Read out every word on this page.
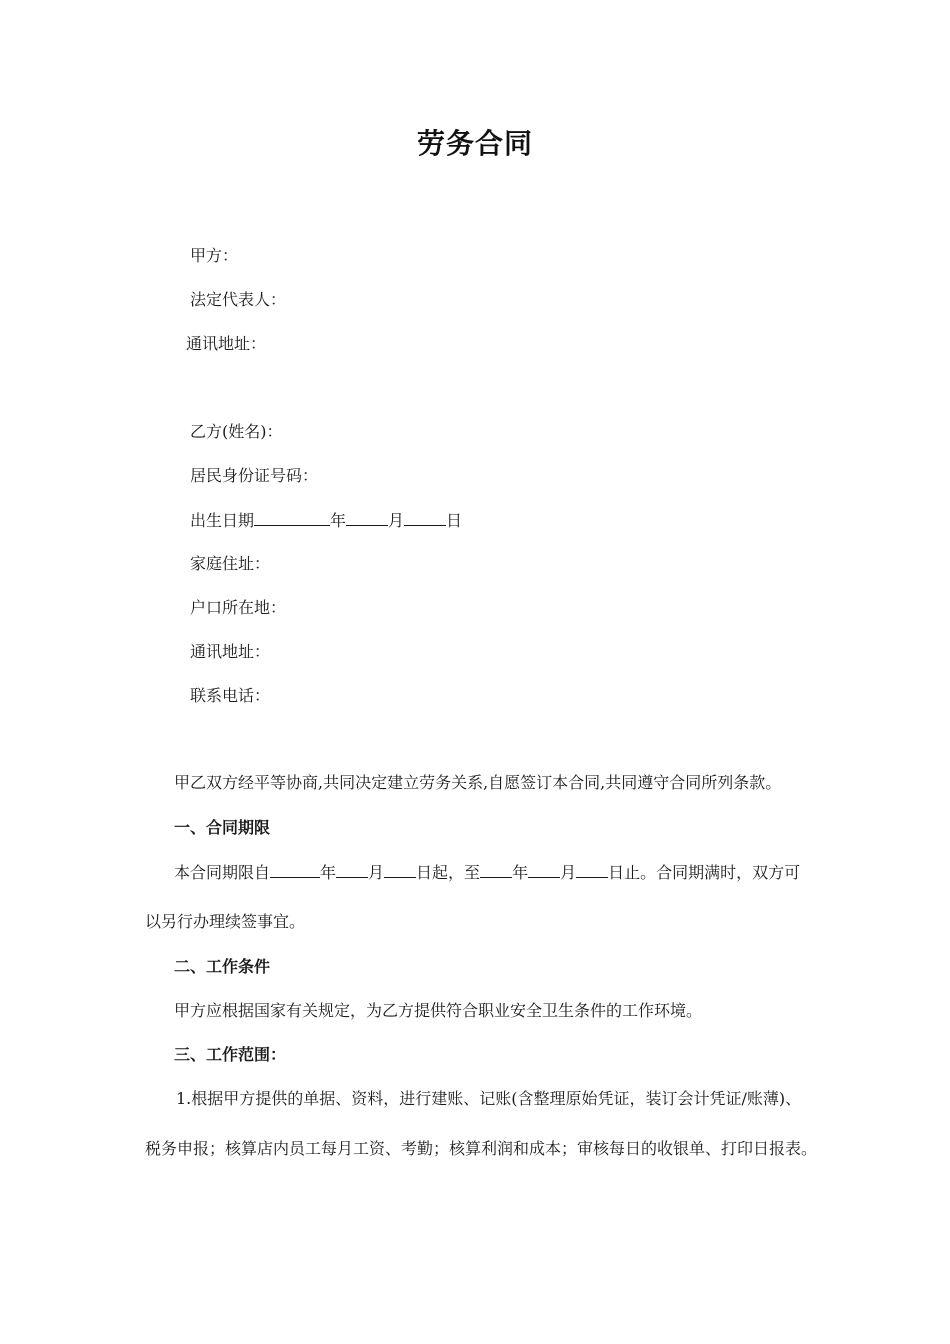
劳务合同
甲方：
法定代表人：
通讯地址：
乙方(姓名)：
居民身份证号码：
出生日期	年	月	日
家庭住址：
户口所在地：
通讯地址：
联系电话：
甲乙双方经平等协商,共同决定建立劳务关系,自愿签订本合同,共同遵守合同所列条款。
一、合同期限
本合同期限自	年 月 日起，至 年 月 日止。合同期满时，双方可
以另行办理续签事宜。
二、工作条件
甲方应根据国家有关规定，为乙方提供符合职业安全卫生条件的工作环境。
三、工作范围：
1.根据甲方提供的单据、资料，进行建账、记账(含整理原始凭证，装订会计凭证/账薄)、
税务申报；核算店内员工每月工资、考勤；核算利润和成本；审核每日的收银单、打印日报表。
